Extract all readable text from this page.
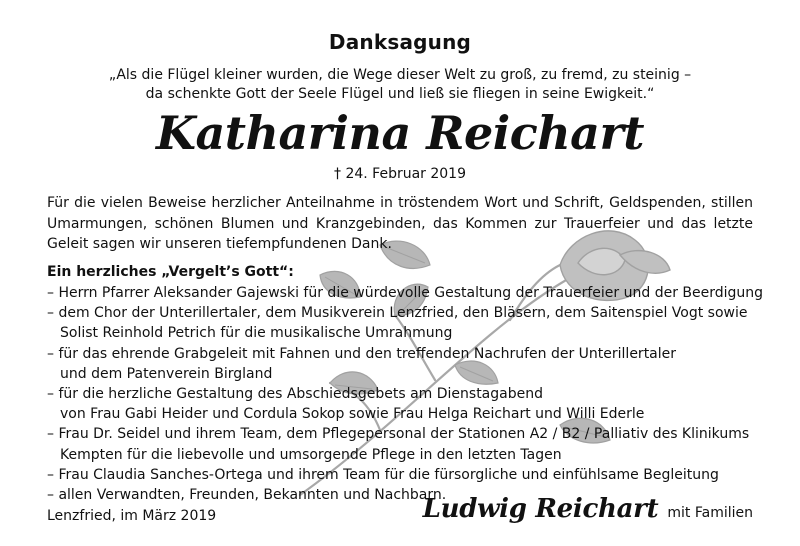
Danksagung
„Als die Flügel kleiner wurden, die Wege dieser Welt zu groß, zu fremd, zu steinig –
da schenkte Gott der Seele Flügel und ließ sie fliegen in seine Ewigkeit.“
Katharina Reichart
† 24. Februar 2019
Für die vielen Beweise herzlicher Anteilnahme in tröstendem Wort und Schrift, Geldspenden, stillen
Umarmungen, schönen Blumen und Kranzgebinden, das Kommen zur Trauerfeier und das letzte
Geleit sagen wir unseren tiefempfundenen Dank.
Ein herzliches „Vergelt’s Gott“:
– Herrn Pfarrer Aleksander Gajewski für die würdevolle Gestaltung der Trauerfeier und der Beerdigung
– dem Chor der Unterillertaler, dem Musikverein Lenzfried, den Bläsern, dem Saitenspiel Vogt sowie
Solist Reinhold Petrich für die musikalische Umrahmung
– für das ehrende Grabgeleit mit Fahnen und den treffenden Nachrufen der Unterillertaler
und dem Patenverein Birgland
– für die herzliche Gestaltung des Abschiedsgebets am Dienstagabend
von Frau Gabi Heider und Cordula Sokop sowie Frau Helga Reichart und Willi Ederle
– Frau Dr. Seidel und ihrem Team, dem Pflegepersonal der Stationen A2 / B2 / Palliativ des Klinikums
Kempten für die liebevolle und umsorgende Pflege in den letzten Tagen
– Frau Claudia Sanches-Ortega und ihrem Team für die fürsorgliche und einfühlsame Begleitung
– allen Verwandten, Freunden, Bekannten und Nachbarn.
Lenzfried, im März 2019	Ludwig Reichart mit Familien
